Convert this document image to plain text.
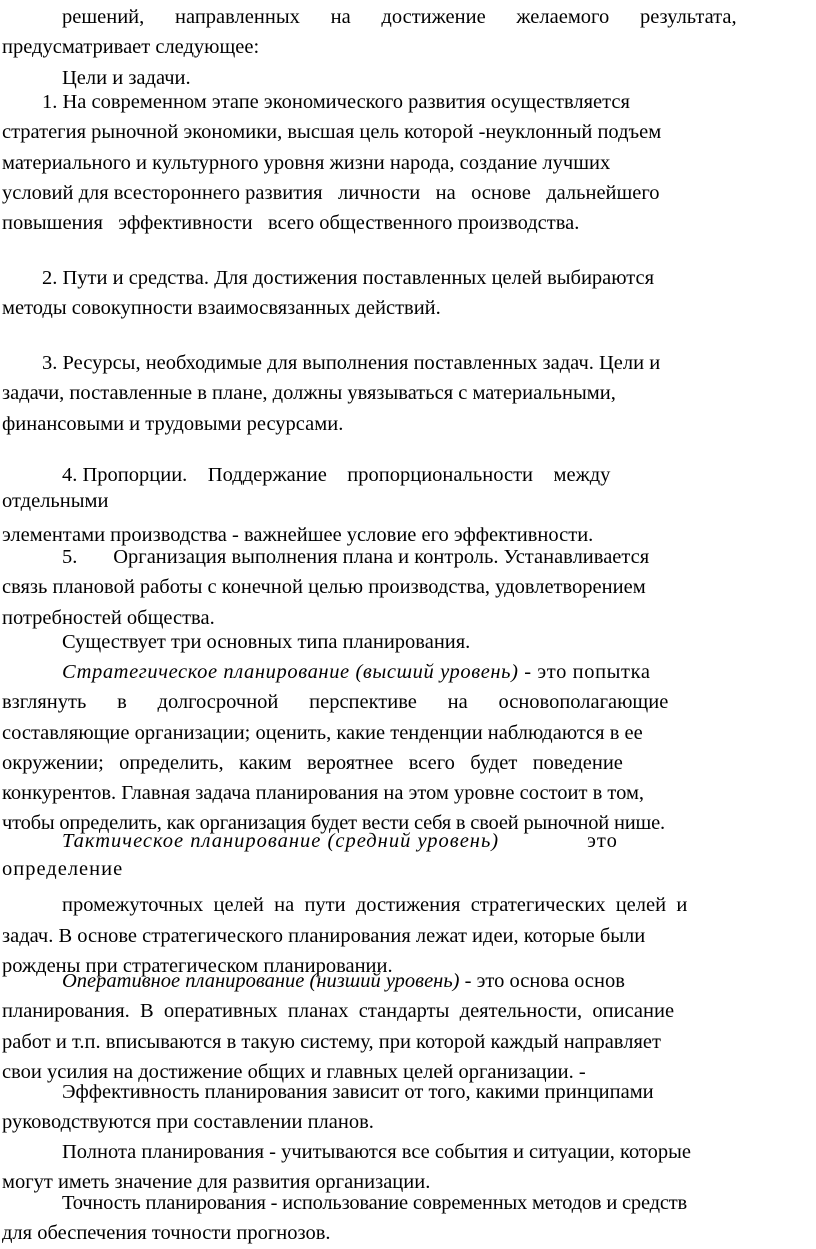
решений,      направленных      на      достижение      желаемого      результата,
предусматривает следующее:
Цели и задачи.
1. На современном этапе экономического развития осуществляется
стратегия рыночной экономики, высшая цель которой -неуклонный подъем
материального и культурного уровня жизни народа, создание лучших
условий для всестороннего развития   личности   на   основе   дальнейшего
повышения   эффективности   всего общественного производства.
2. Пути и средства. Для достижения поставленных целей выбираются
методы совокупности взаимосвязанных действий.
3. Ресурсы, необходимые для выполнения поставленных задач. Цели и
задачи, поставленные в плане, должны увязываться с материальными,
финансовыми и трудовыми ресурсами.
4. Пропорции.    Поддержание    пропорциональности    между
отдельными
элементами производства - важнейшее условие его эффективности.
5. Организация выполнения плана и контроль. Устанавливается
связь плановой работы с конечной целью производства, удовлетворением
потребностей общества.
Существует три основных типа планирования.
Стратегическое планирование (высший уровень) - это попытка
взглянуть      в      долгосрочной      перспективе      на      основополагающие
составляющие организации; оценить, какие тенденции наблюдаются в ее
окружении;   определить,   каким   вероятнее   всего   будет   поведение
конкурентов. Главная задача планирования на этом уровне состоит в том,
чтобы определить, как организация будет вести себя в своей рыночной нише.
Тактическое планирование (средний уровень)	это
определение
промежуточных  целей  на  пути  достижения  стратегических  целей  и
задач. В основе стратегического планирования лежат идеи, которые были
рождены при стратегическом планировании.
Оперативное планирование (низший уровень) - это основа основ
планирования.  В  оперативных  планах  стандарты  деятельности,  описание
работ и т.п. вписываются в такую систему, при которой каждый направляет
свои усилия на достижение общих и главных целей организации. -
Эффективность планирования зависит от того, какими принципами
руководствуются при составлении планов.
Полнота планирования - учитываются все события и ситуации, которые
могут иметь значение для развития организации.
Точность планирования - использование современных методов и средств
для обеспечения точности прогнозов.
